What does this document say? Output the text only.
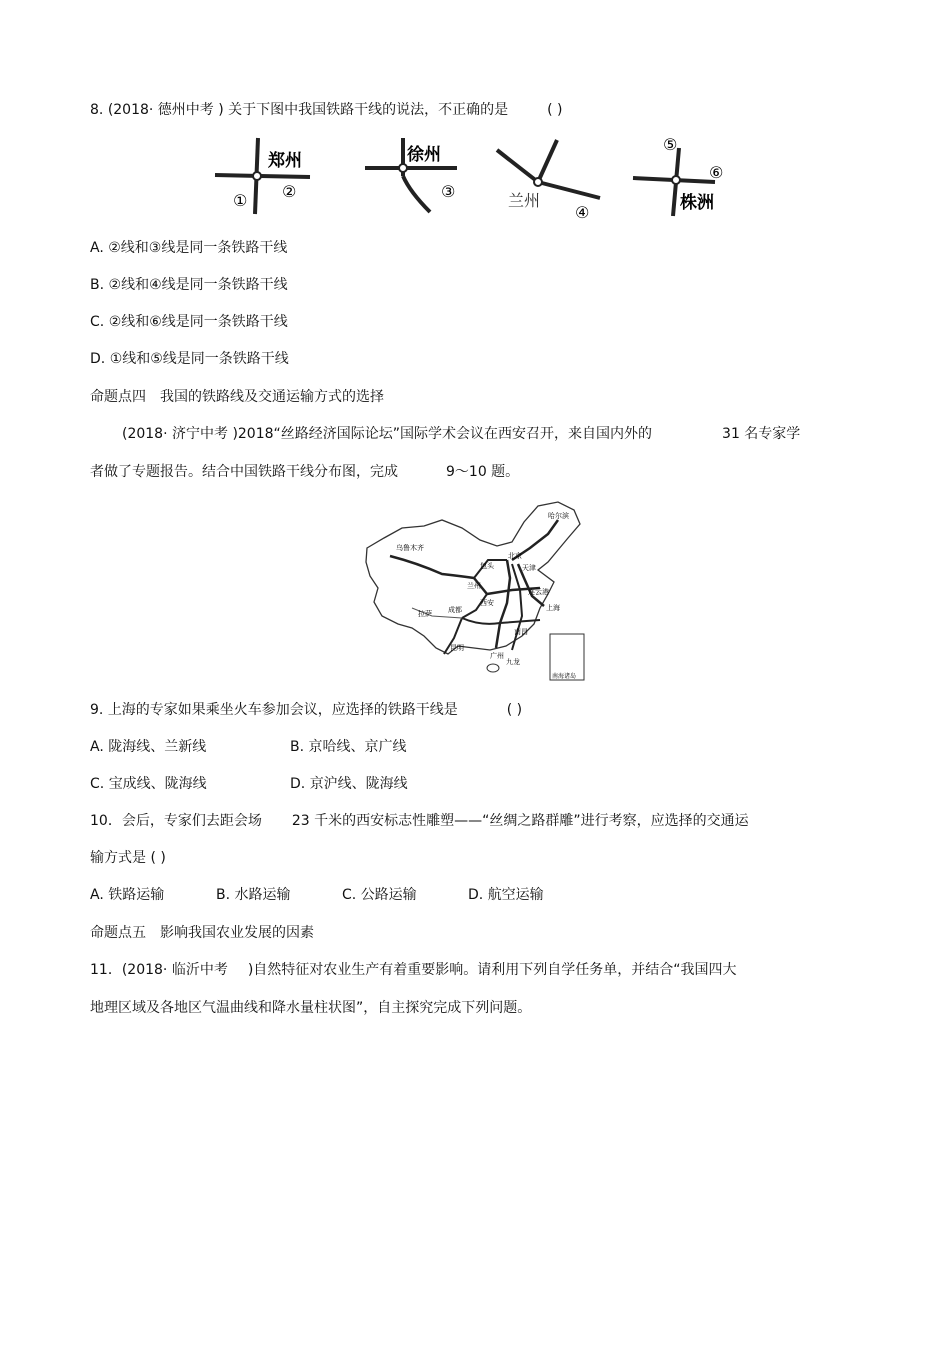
8. (2018· 德州中考 ) 关于下图中我国铁路干线的说法，不正确的是	( )
郑州
① ②
徐州
③	兰州
④
⑤
⑥
株洲
A. ②线和③线是同一条铁路干线
B. ②线和④线是同一条铁路干线
C. ②线和⑥线是同一条铁路干线
D. ①线和⑤线是同一条铁路干线
命题点四　我国的铁路线及交通运输方式的选择
(2018· 济宁中考 )2018“丝路经济国际论坛”国际学术会议在西安召开，来自国内外的	31 名专家学
者做了专题报告。结合中国铁路干线分布图，完成	9～10 题。
南海诸岛
哈尔滨
乌鲁木齐
北京
天津
包头
兰州
连云港
西安
上海
成都
拉萨
南昌
昆明
广州
九龙
9. 上海的专家如果乘坐火车参加会议，应选择的铁路干线是	( )
A. 陇海线、兰新线	B. 京哈线、京广线
C. 宝成线、陇海线	D. 京沪线、陇海线
10．会后，专家们去距会场 23 千米的西安标志性雕塑——“丝绸之路群雕”进行考察，应选择的交通运
输方式是 ( )
A. 铁路运输	B. 水路运输	C. 公路运输	D. 航空运输
命题点五　影响我国农业发展的因素
11．(2018· 临沂中考 )自然特征对农业生产有着重要影响。请利用下列自学任务单，并结合“我国四大
地理区域及各地区气温曲线和降水量柱状图”，自主探究完成下列问题。
